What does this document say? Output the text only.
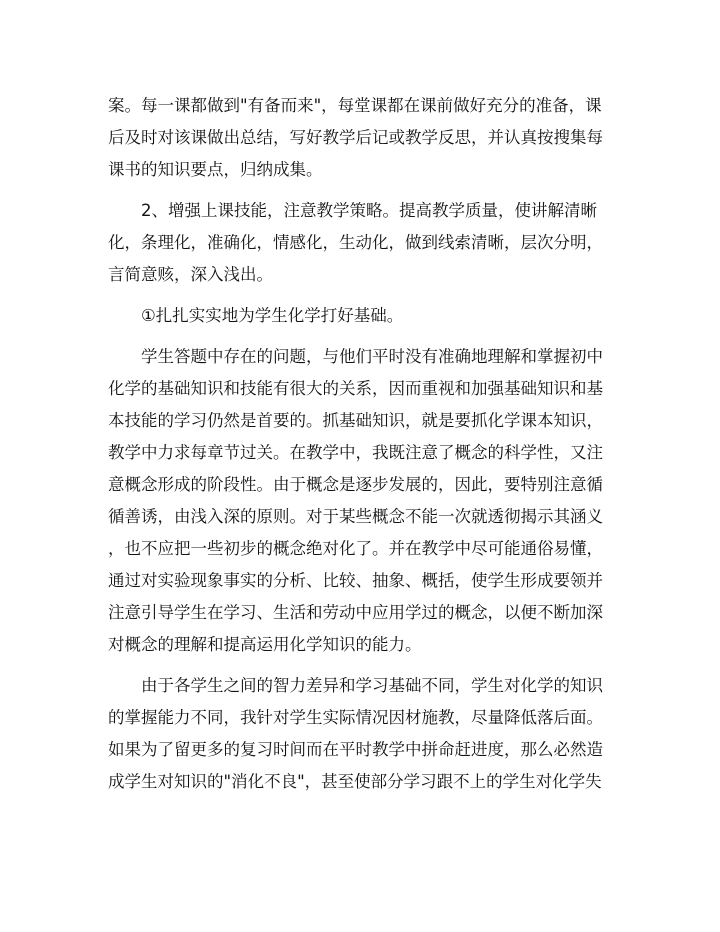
案。每一课都做到"有备而来"，每堂课都在课前做好充分的准备，课
后及时对该课做出总结，写好教学后记或教学反思，并认真按搜集每
课书的知识要点，归纳成集。
　　2、增强上课技能，注意教学策略。提高教学质量，使讲解清晰
化，条理化，准确化，情感化，生动化，做到线索清晰，层次分明，
言简意赅，深入浅出。
　　①扎扎实实地为学生化学打好基础。
　　学生答题中存在的问题，与他们平时没有准确地理解和掌握初中
化学的基础知识和技能有很大的关系，因而重视和加强基础知识和基
本技能的学习仍然是首要的。抓基础知识，就是要抓化学课本知识，
教学中力求每章节过关。在教学中，我既注意了概念的科学性，又注
意概念形成的阶段性。由于概念是逐步发展的，因此，要特别注意循
循善诱，由浅入深的原则。对于某些概念不能一次就透彻揭示其涵义
，也不应把一些初步的概念绝对化了。并在教学中尽可能通俗易懂，
通过对实验现象事实的分析、比较、抽象、概括，使学生形成要领并
注意引导学生在学习、生活和劳动中应用学过的概念，以便不断加深
对概念的理解和提高运用化学知识的能力。
　　由于各学生之间的智力差异和学习基础不同，学生对化学的知识
的掌握能力不同，我针对学生实际情况因材施教，尽量降低落后面。
如果为了留更多的复习时间而在平时教学中拼命赶进度，那么必然造
成学生对知识的"消化不良"，甚至使部分学习跟不上的学生对化学失
